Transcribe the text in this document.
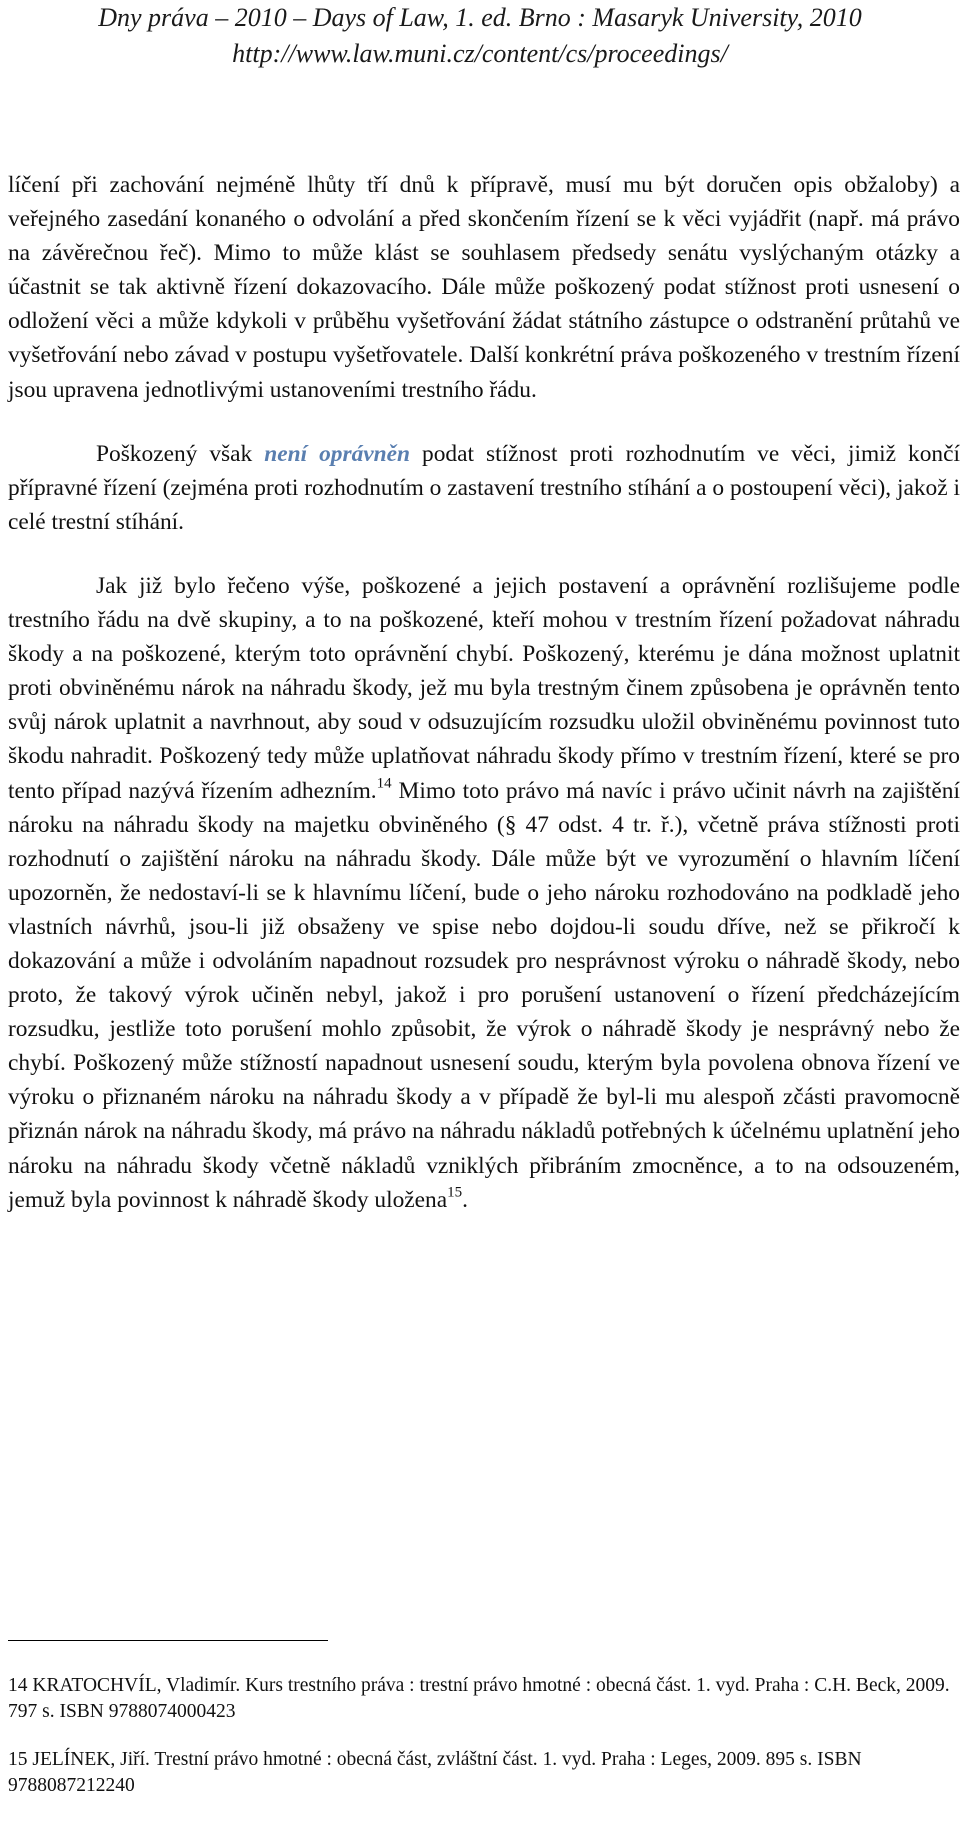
Dny práva – 2010 – Days of Law, 1. ed. Brno : Masaryk University, 2010
http://www.law.muni.cz/content/cs/proceedings/

líčení při zachování nejméně lhůty tří dnů k přípravě, musí mu být doručen opis obžaloby) a veřejného zasedání konaného o odvolání a před skončením řízení se k věci vyjádřit (např. má právo na závěrečnou řeč). Mimo to může klást se souhlasem předsedy senátu vyslýchaným otázky a účastnit se tak aktivně řízení dokazovacího. Dále může poškozený podat stížnost proti usnesení o odložení věci a může kdykoli v průběhu vyšetřování žádat státního zástupce o odstranění průtahů ve vyšetřování nebo závad v postupu vyšetřovatele. Další konkrétní práva poškozeného v trestním řízení jsou upravena jednotlivými ustanoveními trestního řádu.

Poškozený však není oprávněn podat stížnost proti rozhodnutím ve věci, jimiž končí přípravné řízení (zejména proti rozhodnutím o zastavení trestního stíhání a o postoupení věci), jakož i celé trestní stíhání.

Jak již bylo řečeno výše, poškozené a jejich postavení a oprávnění rozlišujeme podle trestního řádu na dvě skupiny, a to na poškozené, kteří mohou v trestním řízení požadovat náhradu škody a na poškozené, kterým toto oprávnění chybí. Poškozený, kterému je dána možnost uplatnit proti obviněnému nárok na náhradu škody, jež mu byla trestným činem způsobena je oprávněn tento svůj nárok uplatnit a navrhnout, aby soud v odsuzujícím rozsudku uložil obviněnému povinnost tuto škodu nahradit. Poškozený tedy může uplatňovat náhradu škody přímo v trestním řízení, které se pro tento případ nazývá řízením adhezním.$^{14}$ Mimo toto právo má navíc i právo učinit návrh na zajištění nároku na náhradu škody na majetku obviněného (§ 47 odst. 4 tr. ř.), včetně práva stížnosti proti rozhodnutí o zajištění nároku na náhradu škody. Dále může být ve vyrozumění o hlavním líčení upozorněn, že nedostaví-li se k hlavnímu líčení, bude o jeho nároku rozhodováno na podkladě jeho vlastních návrhů, jsou-li již obsaženy ve spise nebo dojdou-li soudu dříve, než se přikročí k dokazování a může i odvoláním napadnout rozsudek pro nesprávnost výroku o náhradě škody, nebo proto, že takový výrok učiněn nebyl, jakož i pro porušení ustanovení o řízení předcházejícím rozsudku, jestliže toto porušení mohlo způsobit, že výrok o náhradě škody je nesprávný nebo že chybí. Poškozený může stížností napadnout usnesení soudu, kterým byla povolena obnova řízení ve výroku o přiznaném nároku na náhradu škody a v případě že byl-li mu alespoň zčásti pravomocně přiznán nárok na náhradu škody, má právo na náhradu nákladů potřebných k účelnému uplatnění jeho nároku na náhradu škody včetně nákladů vzniklých přibráním zmocněnce, a to na odsouzeném, jemuž byla povinnost k náhradě škody uložena$^{15}$.

14 KRATOCHVÍL, Vladimír. Kurs trestního práva : trestní právo hmotné : obecná část. 1. vyd. Praha : C.H. Beck, 2009. 797 s. ISBN 9788074000423
15 JELÍNEK, Jiří. Trestní právo hmotné : obecná část, zvláštní část. 1. vyd. Praha : Leges, 2009. 895 s. ISBN 9788087212240
